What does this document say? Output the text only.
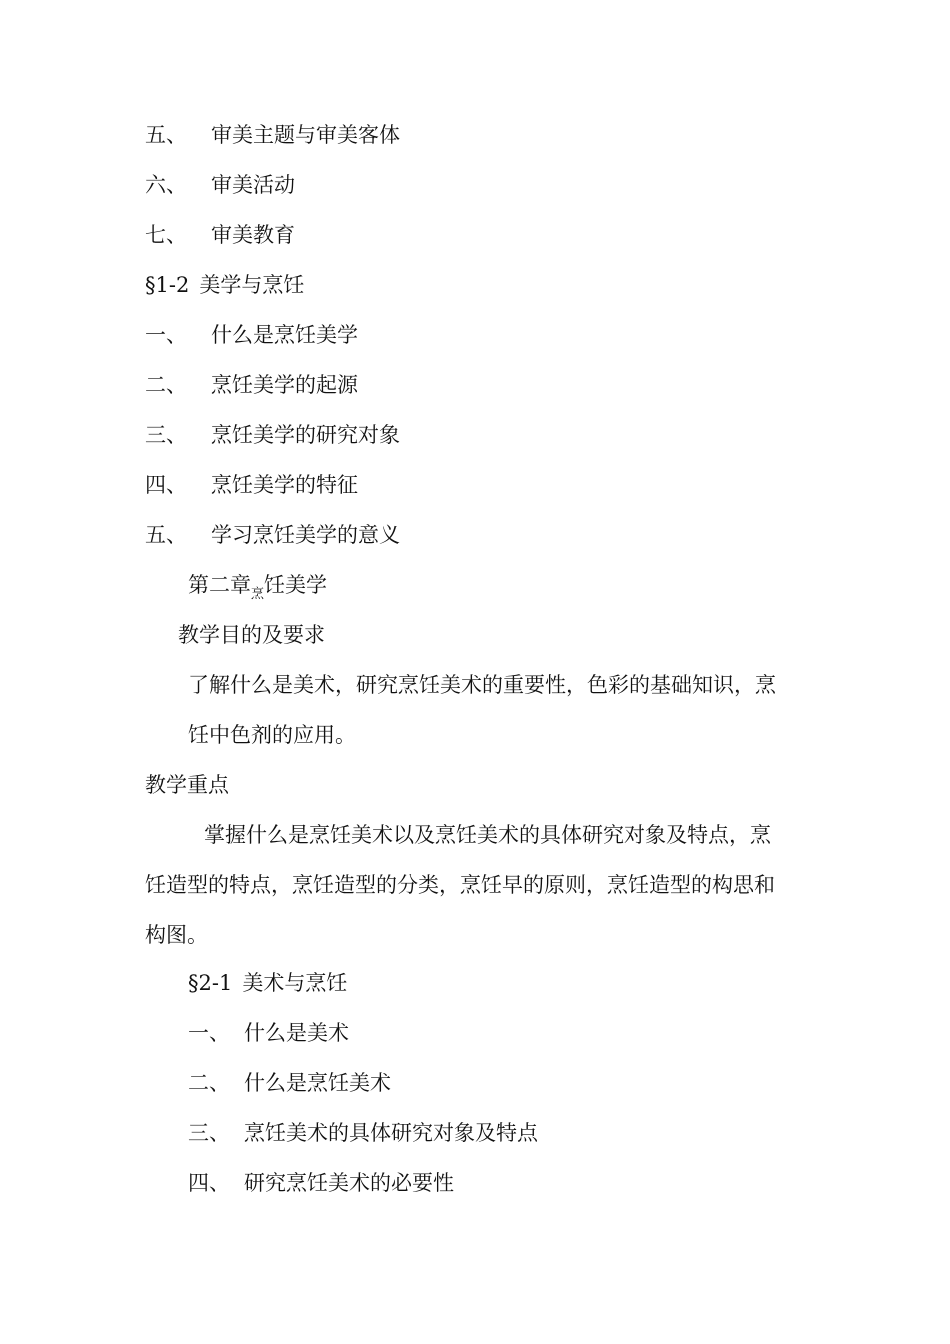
五、 审美主题与审美客体
六、 审美活动
七、 审美教育
§1-2 美学与烹饪
一、 什么是烹饪美学
二、 烹饪美学的起源
三、 烹饪美学的研究对象
四、 烹饪美学的特征
五、 学习烹饪美学的意义
第二章$_烹$饪美学
教学目的及要求
了解什么是美术，研究烹饪美术的重要性，色彩的基础知识，烹
饪中色剂的应用。
教学重点
掌握什么是烹饪美术以及烹饪美术的具体研究对象及特点，烹
饪造型的特点，烹饪造型的分类，烹饪早的原则，烹饪造型的构思和
构图。
§2-1 美术与烹饪
一、 什么是美术
二、 什么是烹饪美术
三、 烹饪美术的具体研究对象及特点
四、 研究烹饪美术的必要性
